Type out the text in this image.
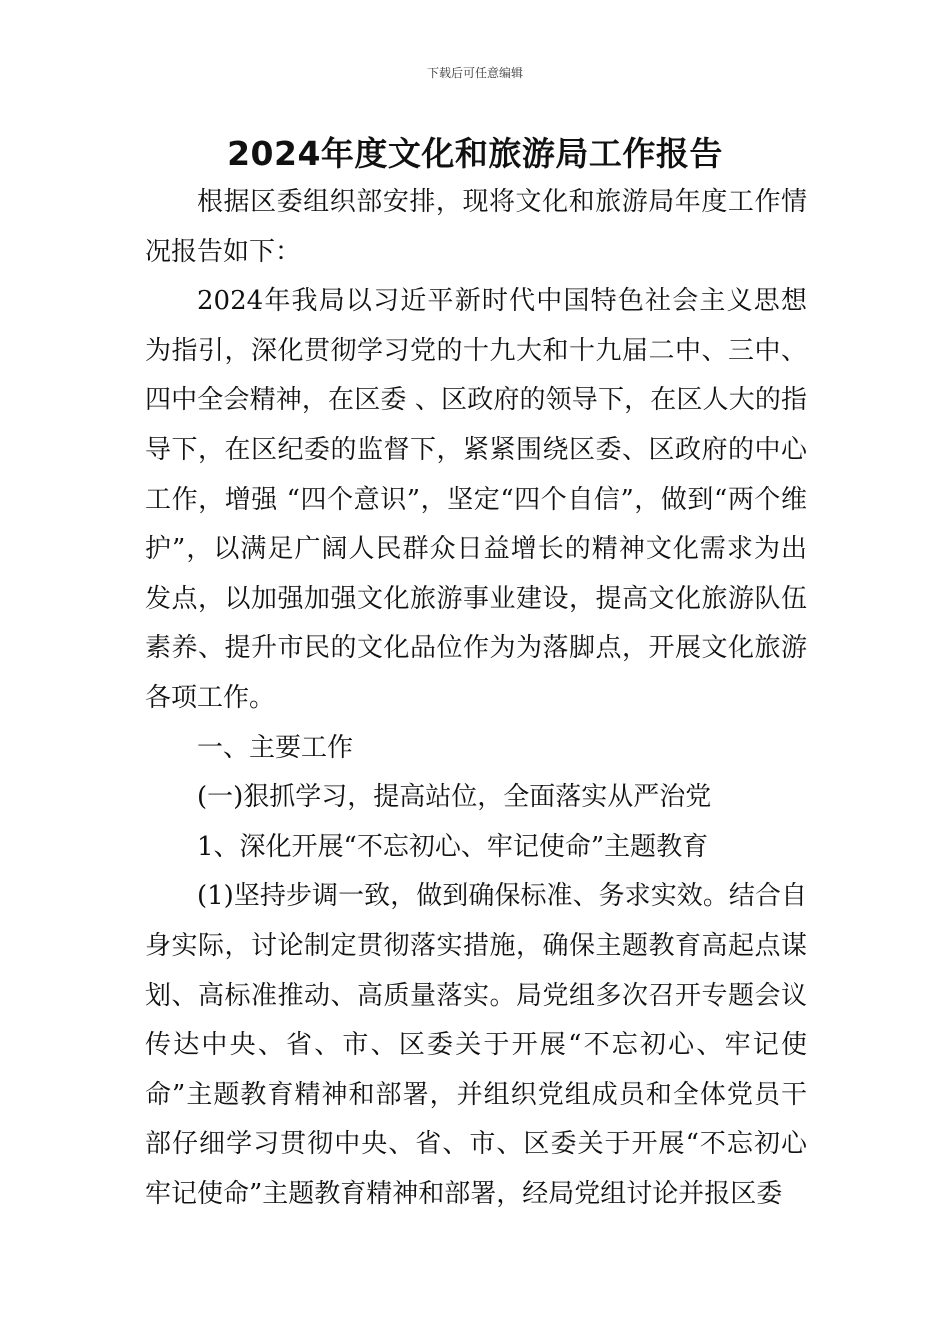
下载后可任意编辑
2024年度文化和旅游局工作报告

根据区委组织部安排，现将文化和旅游局年度工作情况报告如下：

2024年我局以习近平新时代中国特色社会主义思想为指引，深化贯彻学习党的十九大和十九届二中、三中、四中全会精神，在区委 、区政府的领导下，在区人大的指导下，在区纪委的监督下，紧紧围绕区委、区政府的中心工作，增强 “四个意识”，坚定“四个自信”，做到“两个维护”，以满足广阔人民群众日益增长的精神文化需求为出发点，以加强加强文化旅游事业建设，提高文化旅游队伍素养、提升市民的文化品位作为为落脚点，开展文化旅游各项工作。

一、主要工作

(一)狠抓学习，提高站位，全面落实从严治党

1、深化开展“不忘初心、牢记使命”主题教育

(1)坚持步调一致，做到确保标准、务求实效。结合自身实际，讨论制定贯彻落实措施，确保主题教育高起点谋划、高标准推动、高质量落实。局党组多次召开专题会议传达中央、省、市、区委关于开展“不忘初心、牢记使命”主题教育精神和部署，并组织党组成员和全体党员干部仔细学习贯彻中央、省、市、区委关于开展“不忘初心牢记使命”主题教育精神和部署，经局党组讨论并报区委
